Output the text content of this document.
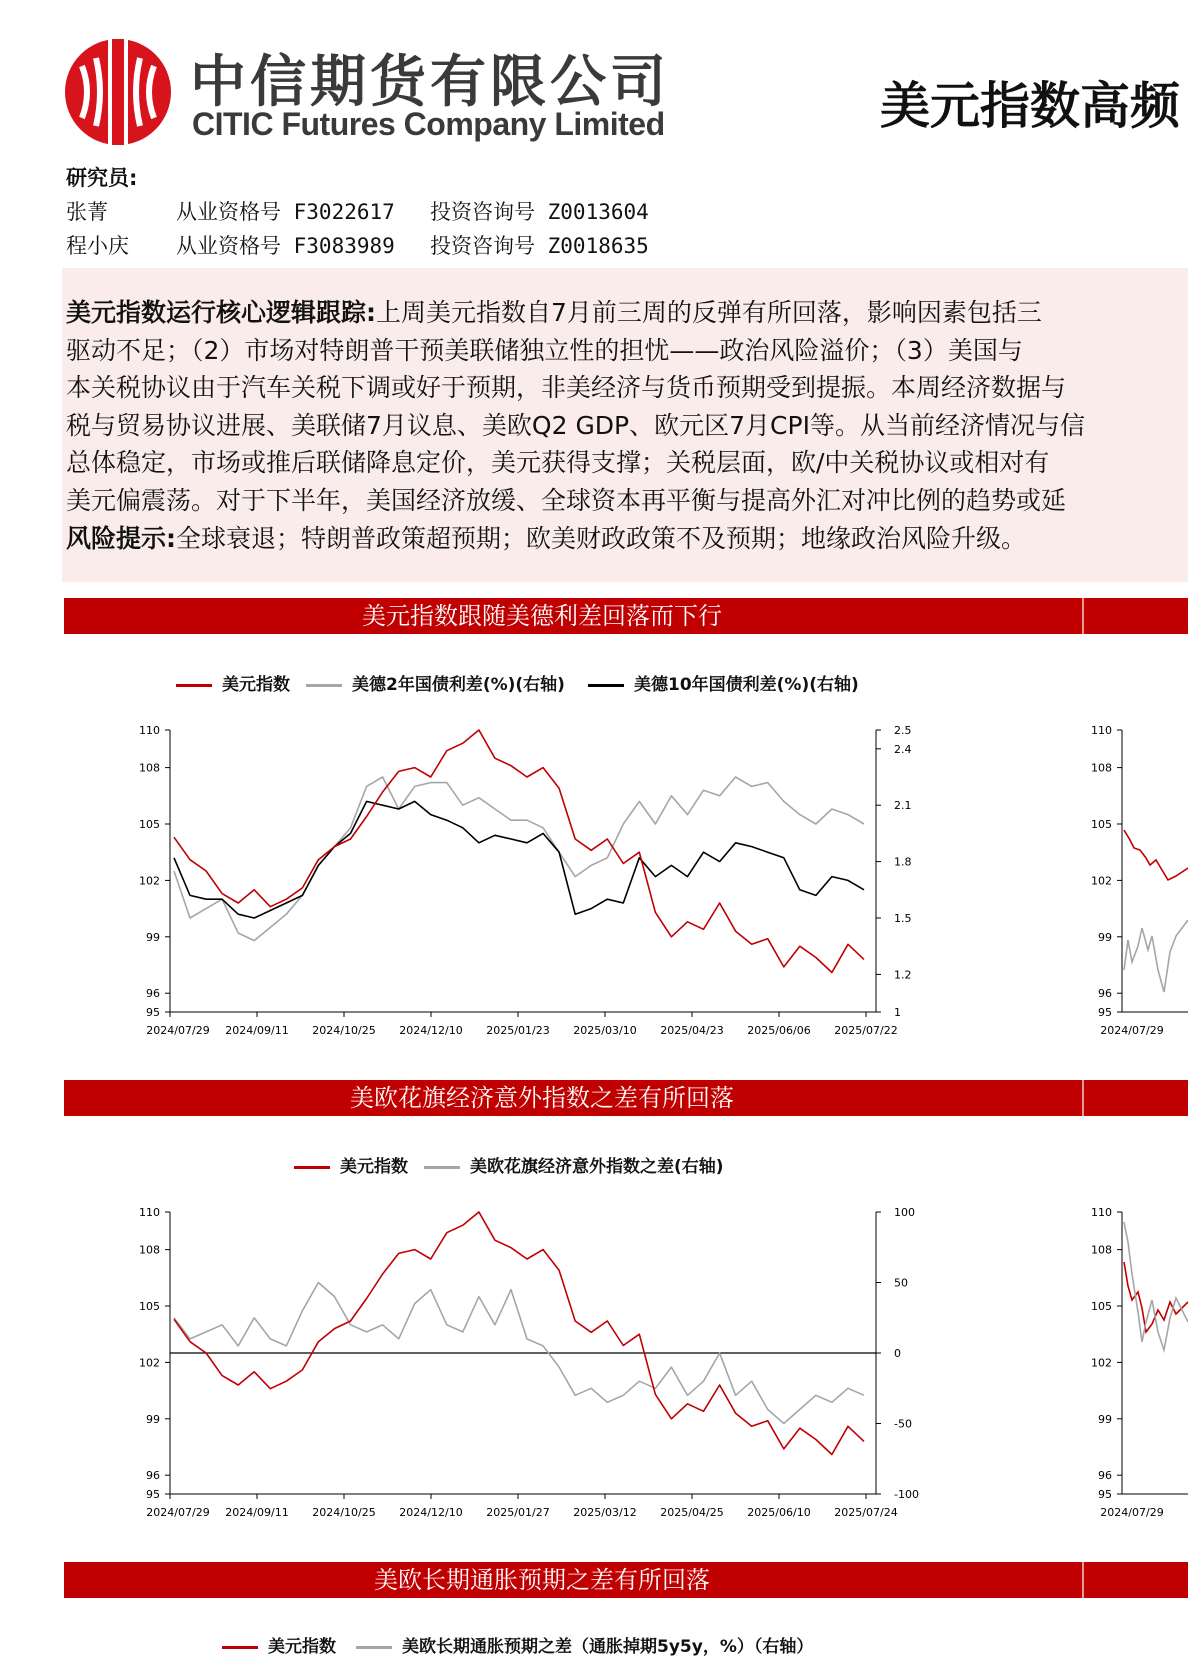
中信期货有限公司
CITIC Futures Company Limited	美元指数高频
研究员:
张菁	从业资格号 F3022617 投资咨询号 Z0013604
程小庆 从业资格号 F3083989 投资咨询号 Z0018635
美元指数运行核心逻辑跟踪:上周美元指数自7月前三周的反弹有所回落，影响因素包括三
驱动不足；（2）市场对特朗普干预美联储独立性的担忧——政治风险溢价；（3）美国与
本关税协议由于汽车关税下调或好于预期，非美经济与货币预期受到提振。本周经济数据与
税与贸易协议进展、美联储7月议息、美欧Q2 GDP、欧元区7月CPI等。从当前经济情况与信
总体稳定，市场或推后联储降息定价，美元获得支撑；关税层面，欧/中关税协议或相对有
美元偏震荡。对于下半年，美国经济放缓、全球资本再平衡与提高外汇对冲比例的趋势或延
风险提示:全球衰退；特朗普政策超预期；欧美财政政策不及预期；地缘政治风险升级。
美元指数跟随美德利差回落而下行
美元指数	美德2年国债利差(%)(右轴)	美德10年国债利差(%)(右轴)
95
96
99
102
105
108
110
1
1.2
1.5
1.8
2.1
2.4
2.5
2024/07/29 2024/09/11 2024/10/25 2024/12/10 2025/01/23 2025/03/10 2025/04/23 2025/06/06 2025/07/22
95
96
99
102
105
108
110
2024/07/29
美欧花旗经济意外指数之差有所回落
美元指数	美欧花旗经济意外指数之差(右轴)
95
96
99
102
105
108
110
-100
-50
0
50
100
2024/07/29 2024/09/11 2024/10/25 2024/12/10 2025/01/27 2025/03/12 2025/04/25 2025/06/10 2025/07/24
95
96
99
102
105
108
110
2024/07/29
美欧长期通胀预期之差有所回落
美元指数	美欧长期通胀预期之差（通胀掉期5y5y，%）（右轴）
